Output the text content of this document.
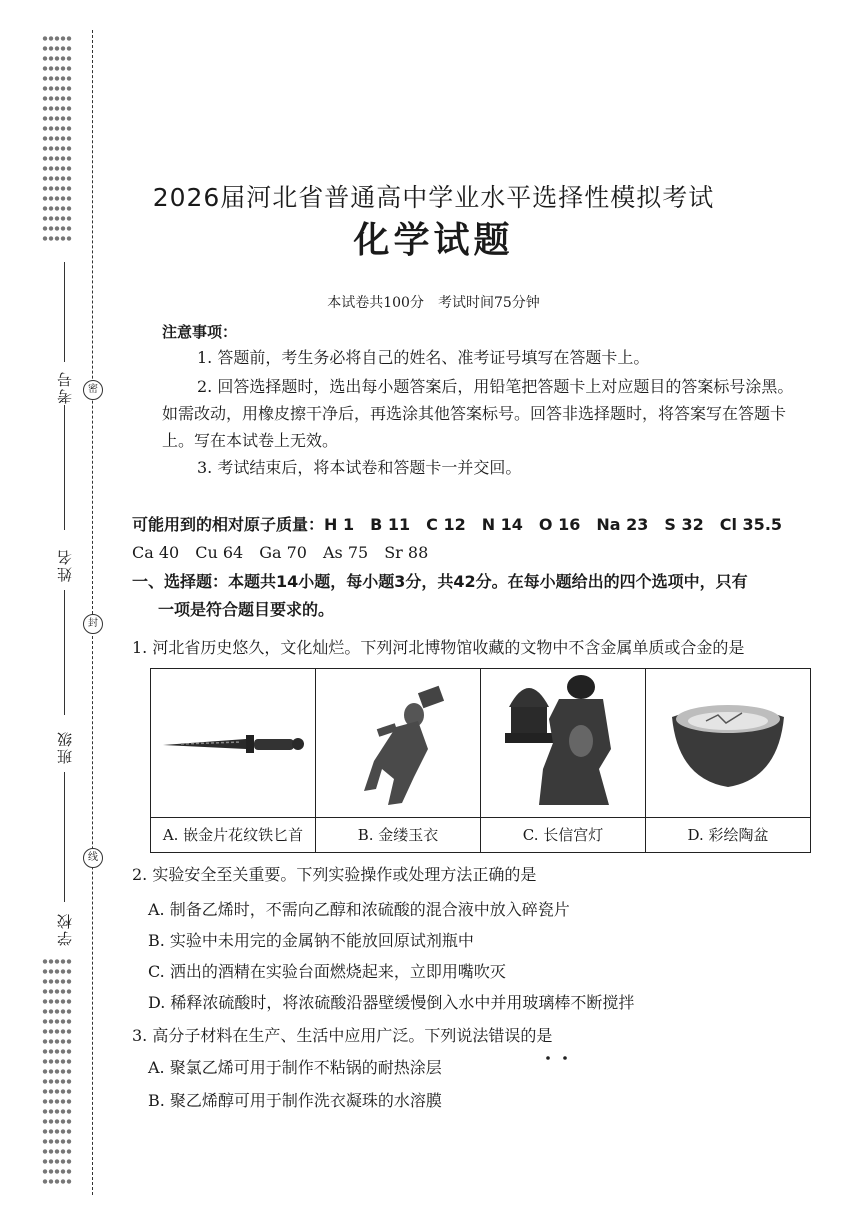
考号
姓名
班级
学校
密
封
线
2026届河北省普通高中学业水平选择性模拟考试
化学试题
本试卷共100分　考试时间75分钟
注意事项：
1. 答题前，考生务必将自己的姓名、准考证号填写在答题卡上。
2. 回答选择题时，选出每小题答案后，用铅笔把答题卡上对应题目的答案标号涂黑。
如需改动，用橡皮擦干净后，再选涂其他答案标号。回答非选择题时，将答案写在答题卡
上。写在本试卷上无效。
3. 考试结束后，将本试卷和答题卡一并交回。
可能用到的相对原子质量：H 1　B 11　C 12　N 14　O 16　Na 23　S 32　Cl 35.5
Ca 40　Cu 64　Ga 70　As 75　Sr 88
一、选择题：本题共14小题，每小题3分，共42分。在每小题给出的四个选项中，只有
一项是符合题目要求的。
1. 河北省历史悠久，文化灿烂。下列河北博物馆收藏的文物中不含金属单质或合金的是
A. 嵌金片花纹铁匕首	B. 金缕玉衣	C. 长信宫灯	D. 彩绘陶盆
2. 实验安全至关重要。下列实验操作或处理方法正确的是
A. 制备乙烯时，不需向乙醇和浓硫酸的混合液中放入碎瓷片
B. 实验中未用完的金属钠不能放回原试剂瓶中
C. 洒出的酒精在实验台面燃烧起来，立即用嘴吹灭
D. 稀释浓硫酸时，将浓硫酸沿器壁缓慢倒入水中并用玻璃棒不断搅拌
3. 高分子材料在生产、生活中应用广泛。下列说法错误的是
A. 聚氯乙烯可用于制作不粘锅的耐热涂层
B. 聚乙烯醇可用于制作洗衣凝珠的水溶膜
